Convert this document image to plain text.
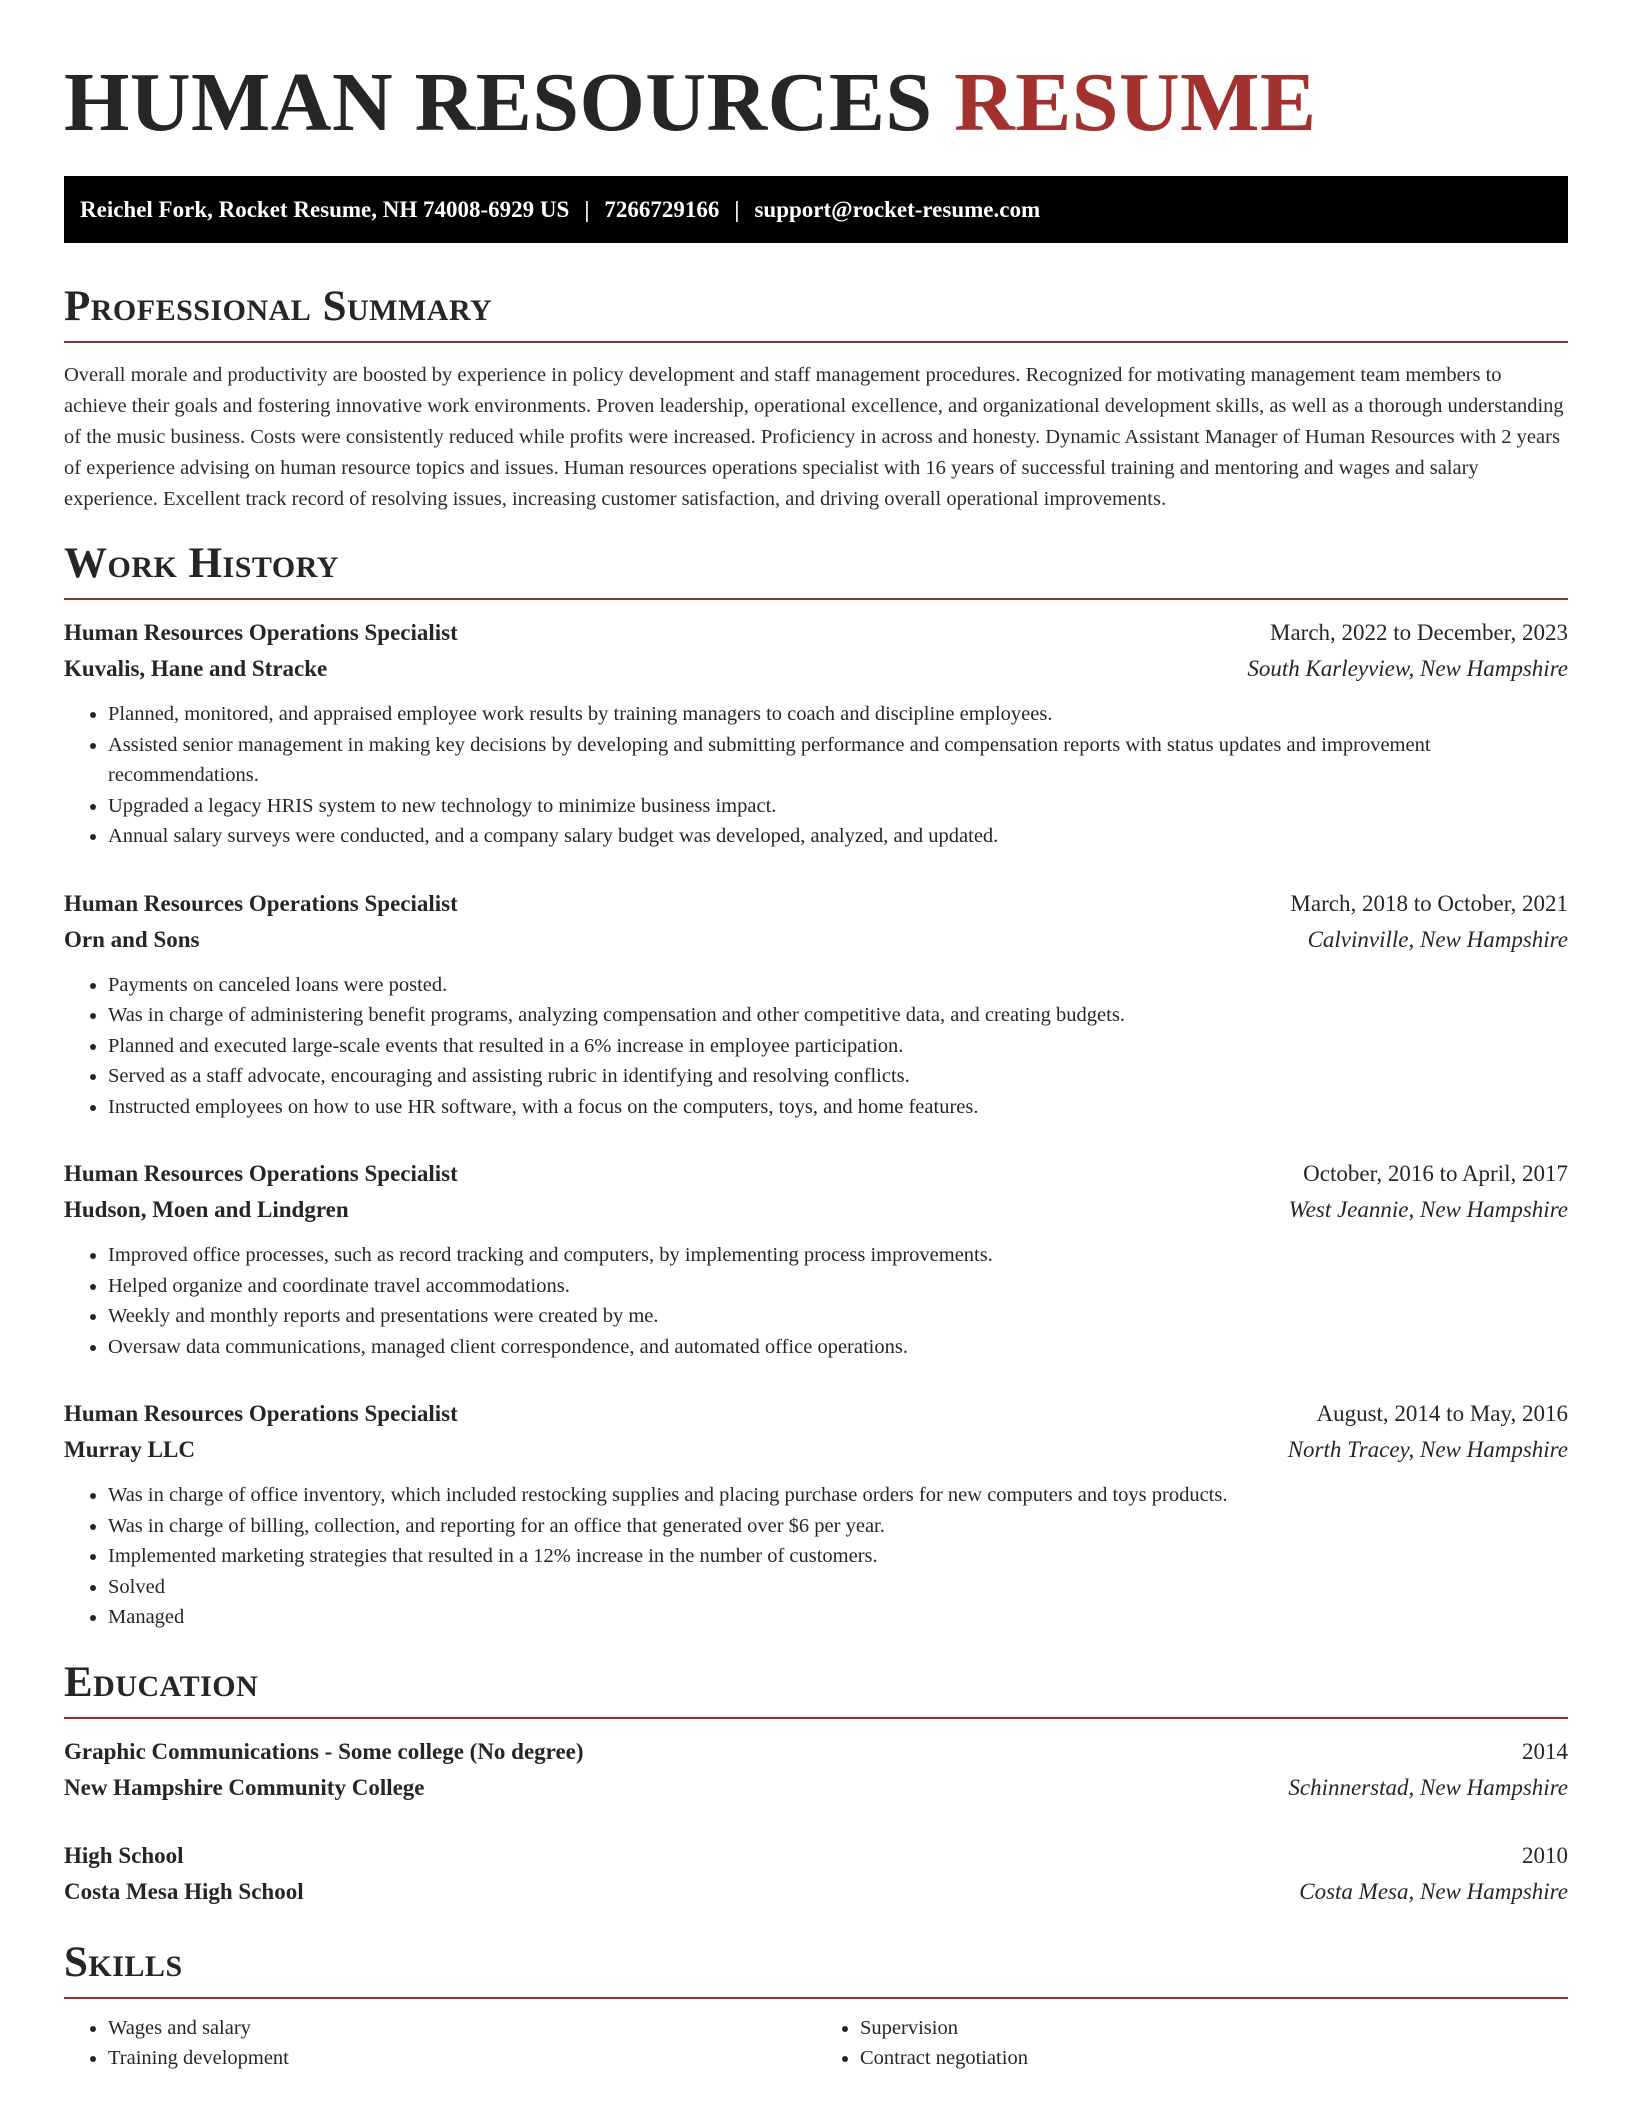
HUMAN RESOURCES RESUME
Reichel Fork, Rocket Resume, NH 74008-6929 US | 7266729166 | support@rocket-resume.com
Professional Summary

Overall morale and productivity are boosted by experience in policy development and staff management procedures. Recognized for motivating management team members to achieve their goals and fostering innovative work environments. Proven leadership, operational excellence, and organizational development skills, as well as a thorough understanding of the music business. Costs were consistently reduced while profits were increased. Proficiency in across and honesty. Dynamic Assistant Manager of Human Resources with 2 years of experience advising on human resource topics and issues. Human resources operations specialist with 16 years of successful training and mentoring and wages and salary experience. Excellent track record of resolving issues, increasing customer satisfaction, and driving overall operational improvements.

Work History
Human Resources Operations Specialist	March, 2022 to December, 2023
Kuvalis, Hane and Stracke	South Karleyview, New Hampshire
• Planned, monitored, and appraised employee work results by training managers to coach and discipline employees.
• Assisted senior management in making key decisions by developing and submitting performance and compensation reports with status updates and improvement recommendations.
• Upgraded a legacy HRIS system to new technology to minimize business impact.
• Annual salary surveys were conducted, and a company salary budget was developed, analyzed, and updated.
Human Resources Operations Specialist	March, 2018 to October, 2021
Orn and Sons	Calvinville, New Hampshire
• Payments on canceled loans were posted.
• Was in charge of administering benefit programs, analyzing compensation and other competitive data, and creating budgets.
• Planned and executed large-scale events that resulted in a 6% increase in employee participation.
• Served as a staff advocate, encouraging and assisting rubric in identifying and resolving conflicts.
• Instructed employees on how to use HR software, with a focus on the computers, toys, and home features.
Human Resources Operations Specialist	October, 2016 to April, 2017
Hudson, Moen and Lindgren	West Jeannie, New Hampshire
• Improved office processes, such as record tracking and computers, by implementing process improvements.
• Helped organize and coordinate travel accommodations.
• Weekly and monthly reports and presentations were created by me.
• Oversaw data communications, managed client correspondence, and automated office operations.
Human Resources Operations Specialist	August, 2014 to May, 2016
Murray LLC	North Tracey, New Hampshire
• Was in charge of office inventory, which included restocking supplies and placing purchase orders for new computers and toys products.
• Was in charge of billing, collection, and reporting for an office that generated over $6 per year.
• Implemented marketing strategies that resulted in a 12% increase in the number of customers.
• Solved
• Managed
Education
Graphic Communications - Some college (No degree)	2014
New Hampshire Community College	Schinnerstad, New Hampshire
High School	2010
Costa Mesa High School	Costa Mesa, New Hampshire
Skills
• Wages and salary
• Training development
• Supervision
• Contract negotiation
